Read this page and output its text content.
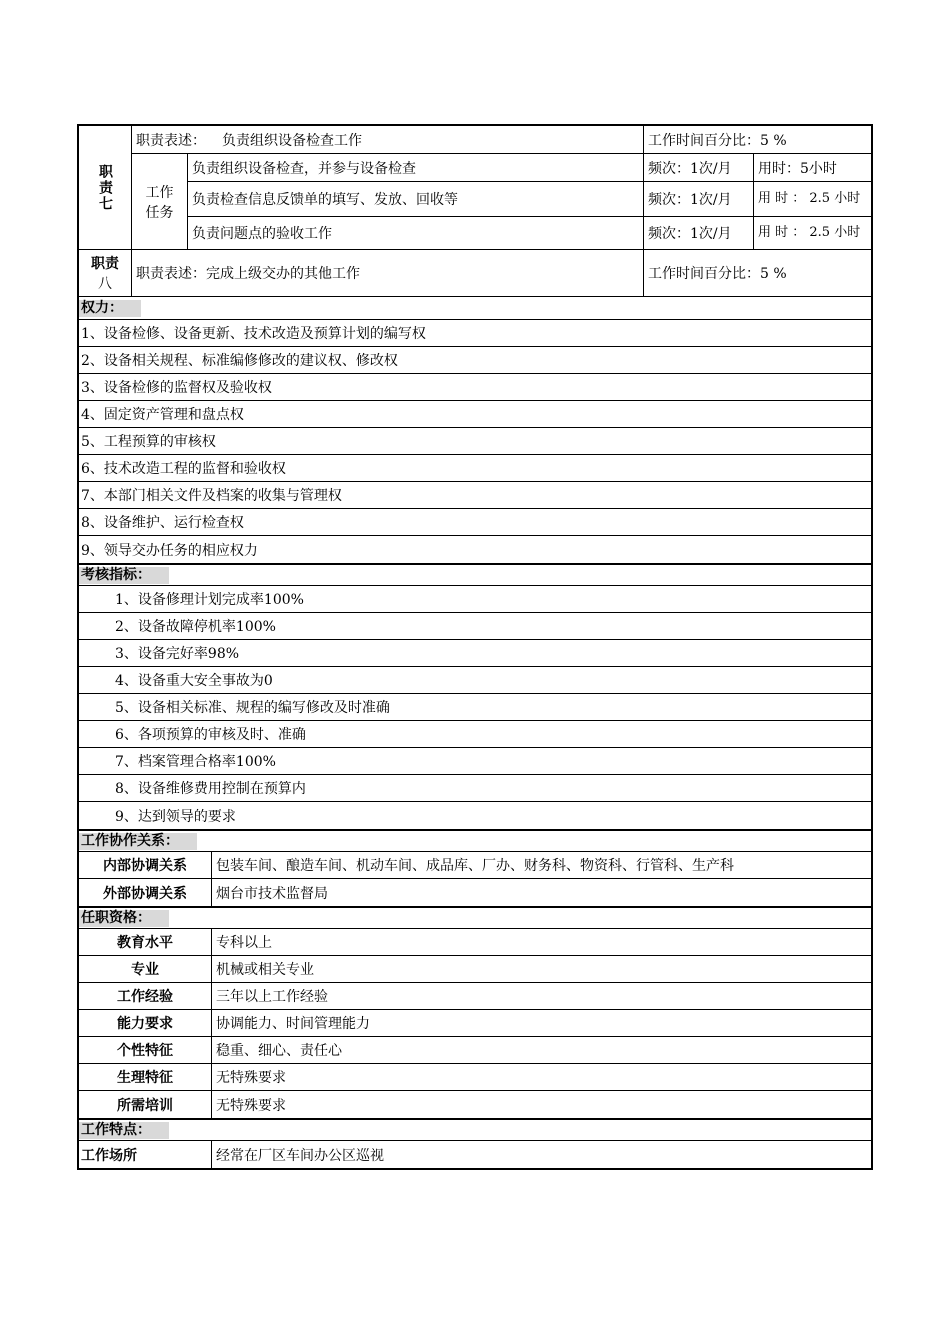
职责七
职责表述： 负责组织设备检查工作	工作时间百分比：5 %
工作
任务
负责组织设备检查，并参与设备检查	频次：1次/月	用时：5小时
负责检查信息反馈单的填写、发放、回收等	频次：1次/月	用 时 ： 2.5 小时
负责问题点的验收工作	频次：1次/月	用 时 ： 2.5 小时
职责
八
职责表述：完成上级交办的其他工作	工作时间百分比：5 %
权力：
1、设备检修、设备更新、技术改造及预算计划的编写权
2、设备相关规程、标准编修修改的建议权、修改权
3、设备检修的监督权及验收权
4、固定资产管理和盘点权
5、工程预算的审核权
6、技术改造工程的监督和验收权
7、本部门相关文件及档案的收集与管理权
8、设备维护、运行检查权
9、领导交办任务的相应权力
考核指标：
1、设备修理计划完成率100%
2、设备故障停机率100%
3、设备完好率98%
4、设备重大安全事故为0
5、设备相关标准、规程的编写修改及时准确
6、各项预算的审核及时、准确
7、档案管理合格率100%
8、设备维修费用控制在预算内
9、达到领导的要求
工作协作关系：
内部协调关系	包装车间、酿造车间、机动车间、成品库、厂办、财务科、物资科、行管科、生产科
外部协调关系	烟台市技术监督局
任职资格：
教育水平	专科以上
专业	机械或相关专业
工作经验	三年以上工作经验
能力要求	协调能力、时间管理能力
个性特征	稳重、细心、责任心
生理特征	无特殊要求
所需培训	无特殊要求
工作特点：
工作场所	经常在厂区车间办公区巡视
